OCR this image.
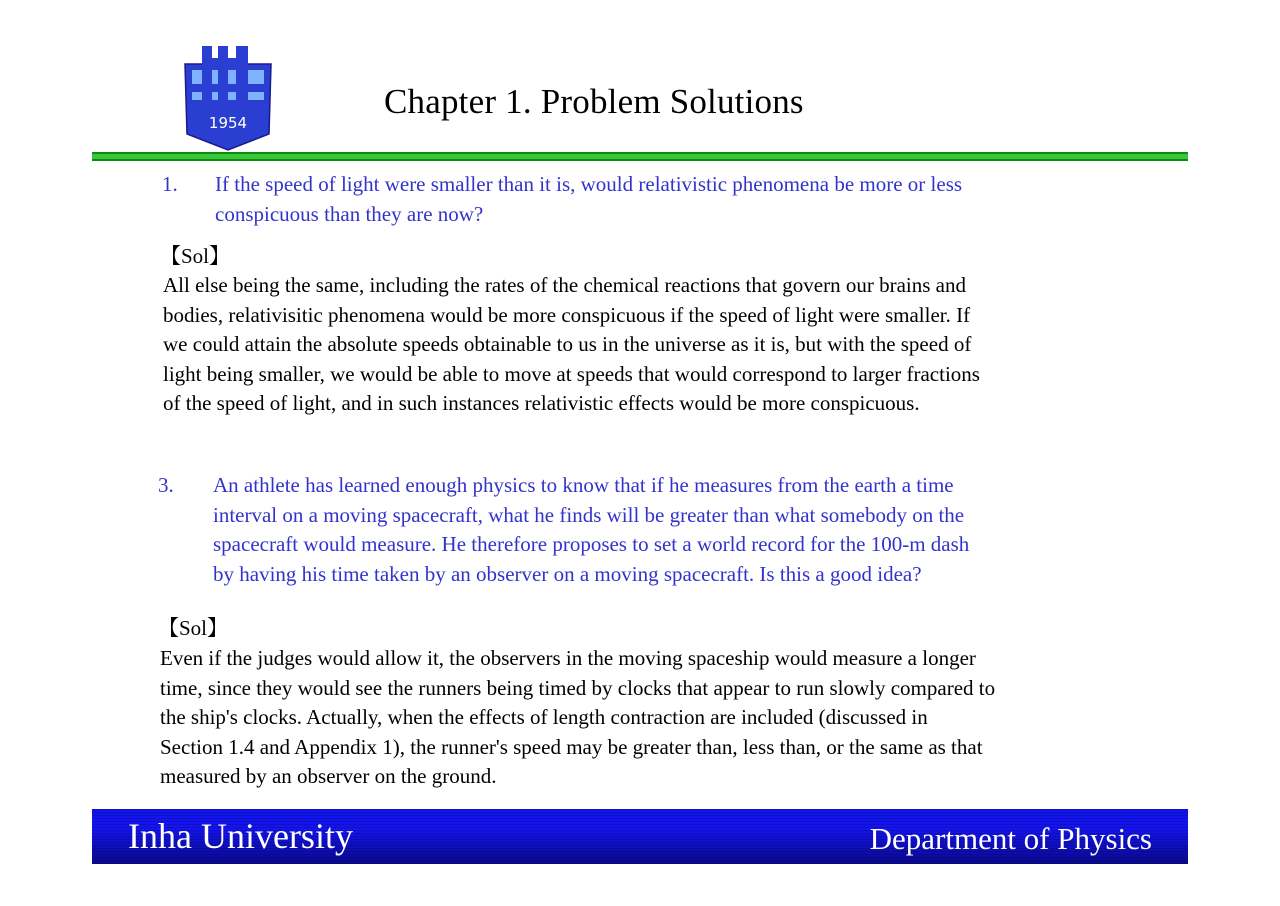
1954
Chapter 1. Problem Solutions
1. If the speed of light were smaller than it is, would relativistic phenomena be more or less
conspicuous than they are now?
【Sol】
All else being the same, including the rates of the chemical reactions that govern our brains and
bodies, relativisitic phenomena would be more conspicuous if the speed of light were smaller. If
we could attain the absolute speeds obtainable to us in the universe as it is, but with the speed of
light being smaller, we would be able to move at speeds that would correspond to larger fractions
of the speed of light, and in such instances relativistic effects would be more conspicuous.
3. An athlete has learned enough physics to know that if he measures from the earth a time
interval on a moving spacecraft, what he finds will be greater than what somebody on the
spacecraft would measure. He therefore proposes to set a world record for the 100-m dash
by having his time taken by an observer on a moving spacecraft. Is this a good idea?
【Sol】
Even if the judges would allow it, the observers in the moving spaceship would measure a longer
time, since they would see the runners being timed by clocks that appear to run slowly compared to
the ship's clocks. Actually, when the effects of length contraction are included (discussed in
Section 1.4 and Appendix 1), the runner's speed may be greater than, less than, or the same as that
measured by an observer on the ground.
Inha University	Department of Physics
